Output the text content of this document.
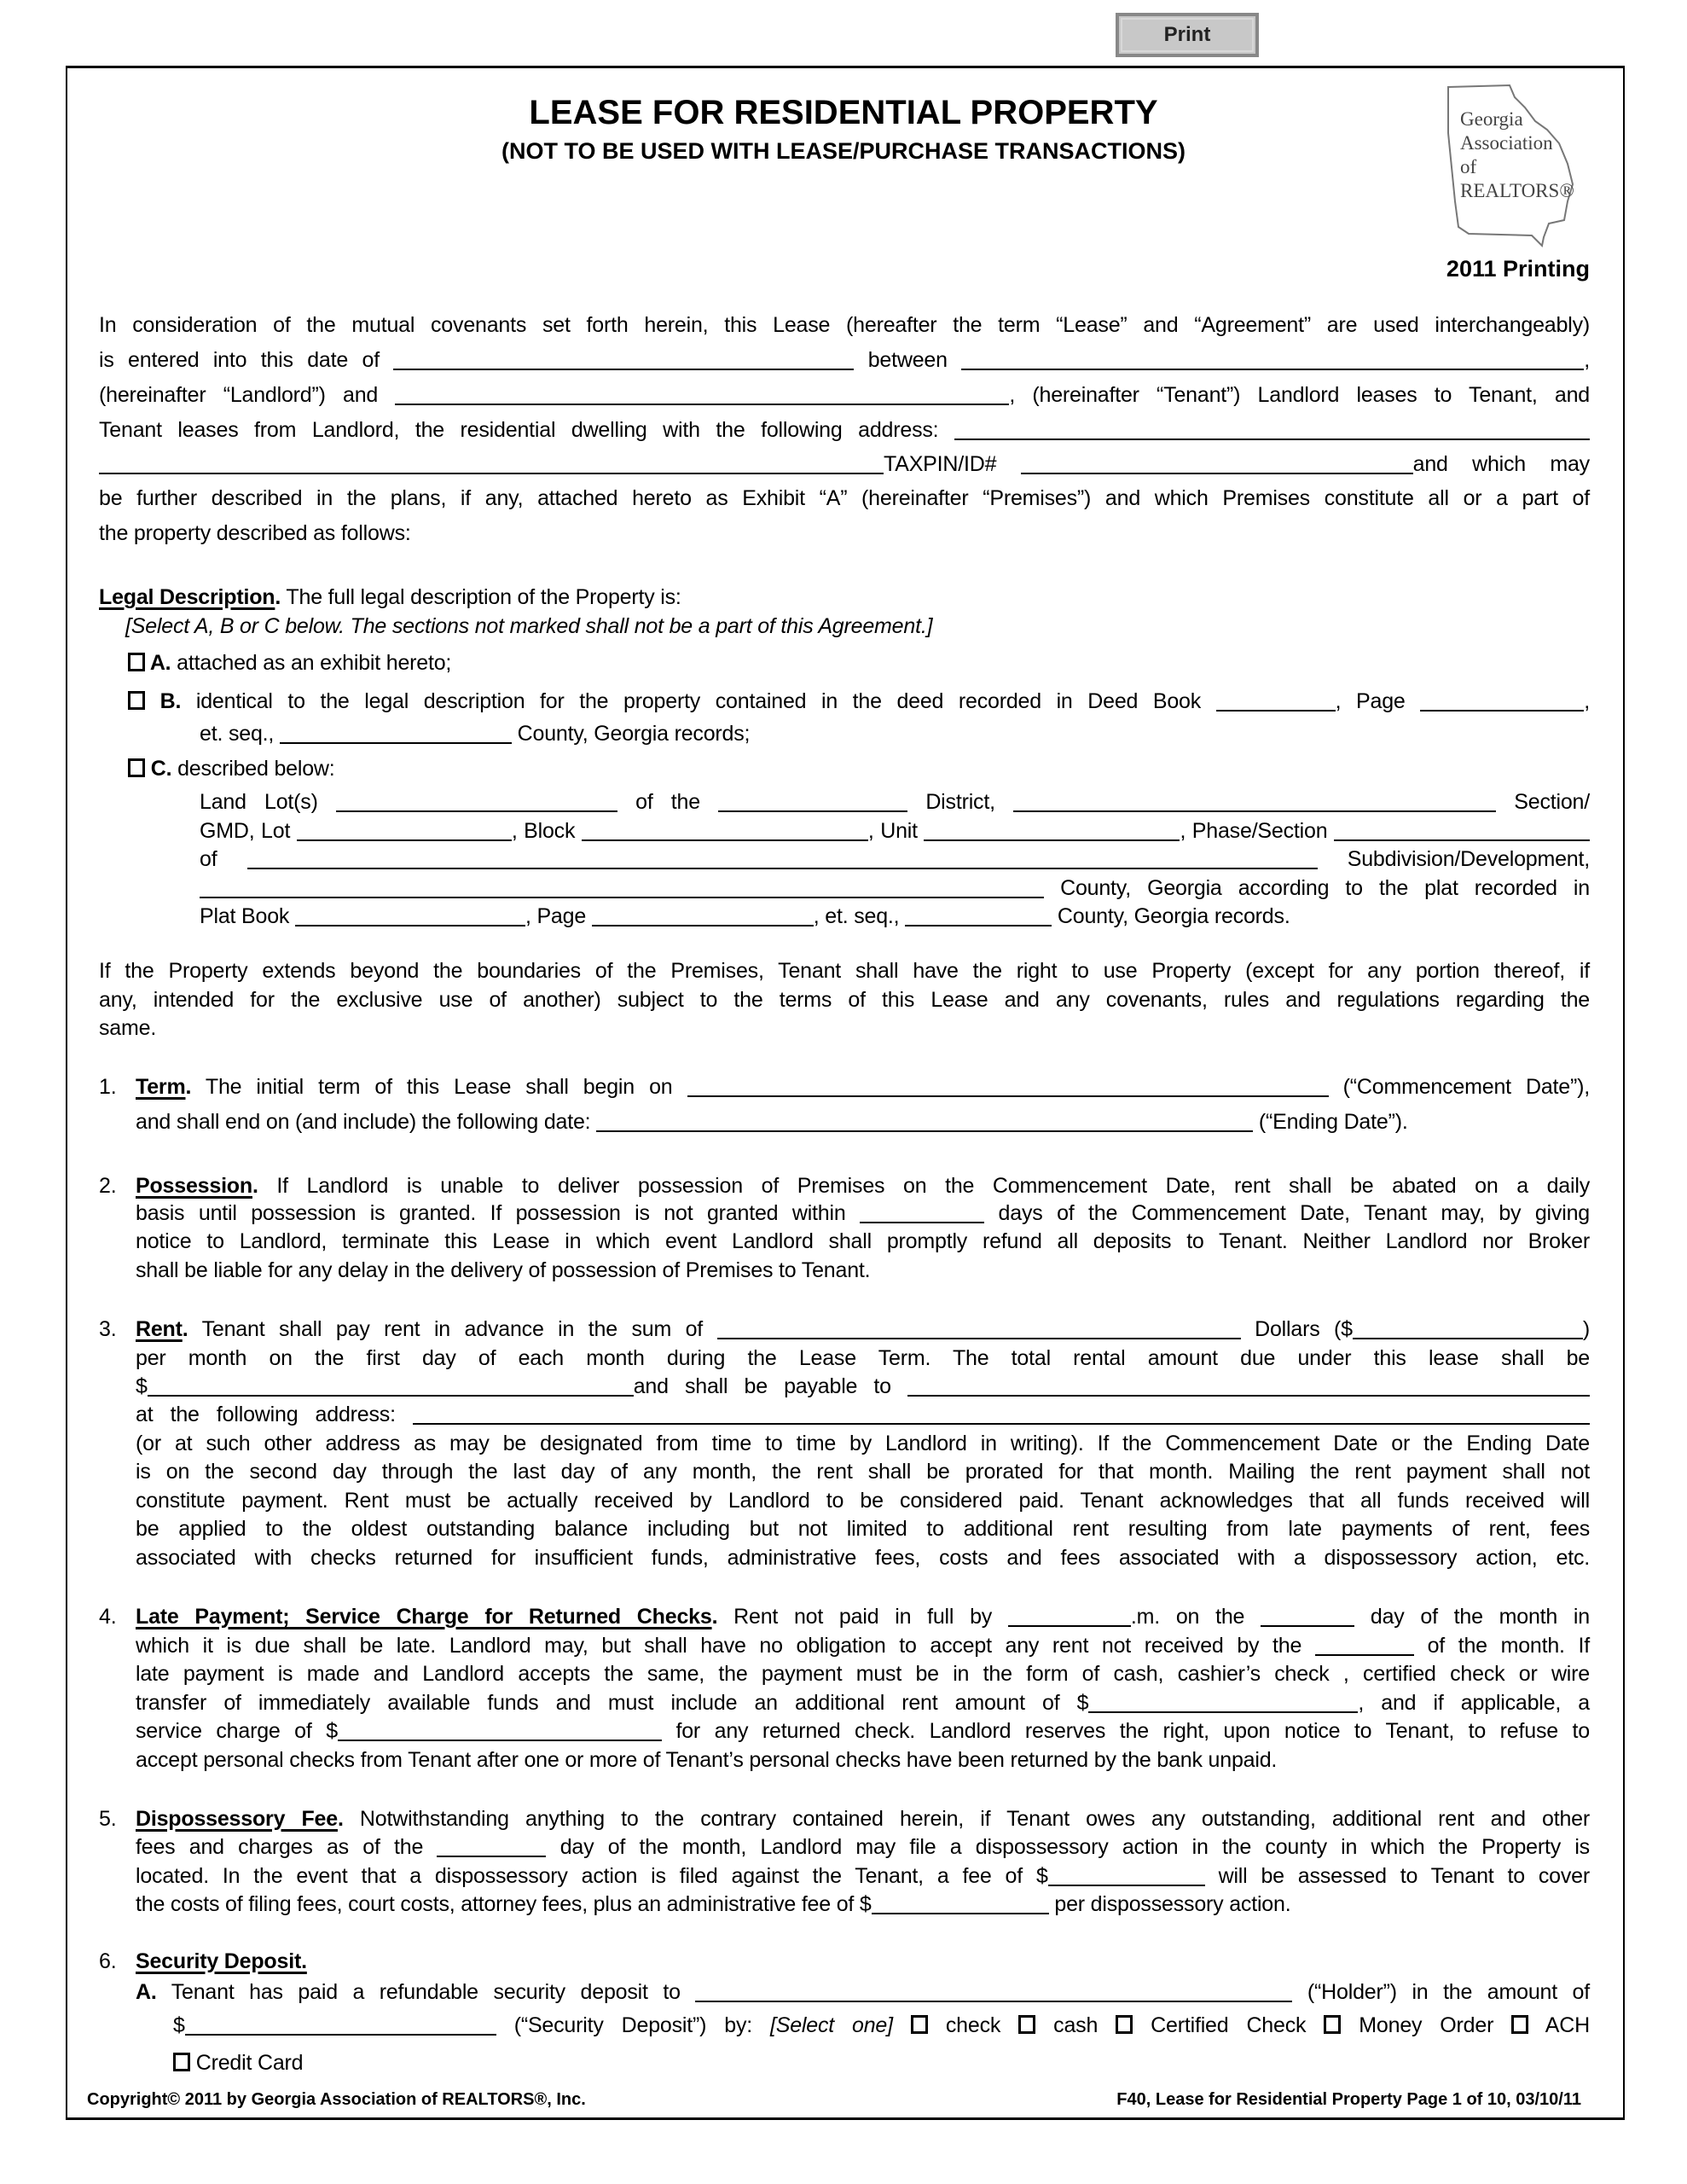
Print
LEASE FOR RESIDENTIAL PROPERTY
(NOT TO BE USED WITH LEASE/PURCHASE TRANSACTIONS)
Georgia
Association
of REALTORS®
2011 Printing
In consideration of the mutual covenants set forth herein, this Lease (hereafter the term “Lease” and “Agreement” are used interchangeably)
is entered into this date of	between	,
(hereinafter “Landlord”) and	, (hereinafter “Tenant”) Landlord leases to Tenant, and
Tenant leases from Landlord, the residential dwelling with the following address:
TAXPIN/ID#	and which may
be further described in the plans, if any, attached hereto as Exhibit “A” (hereinafter “Premises”) and which Premises constitute all or a part of
the property described as follows:
Legal Description. The full legal description of the Property is:
[Select A, B or C below. The sections not marked shall not be a part of this Agreement.]
A. attached as an exhibit hereto;
B. identical to the legal description for the property contained in the deed recorded in Deed Book	, Page	,
et. seq.,	County, Georgia records;
C. described below:
Land Lot(s)	of the	District,	Section/
GMD, Lot	, Block	, Unit	, Phase/Section
of	Subdivision/Development,
County, Georgia according to the plat recorded in
Plat Book	, Page	, et. seq.,	County, Georgia records.
If the Property extends beyond the boundaries of the Premises, Tenant shall have the right to use Property (except for any portion thereof, if
any, intended for the exclusive use of another) subject to the terms of this Lease and any covenants, rules and regulations regarding the
same.
1. Term. The initial term of this Lease shall begin on	(“Commencement Date”),
and shall end on (and include) the following date:	(“Ending Date”).
2. Possession. If Landlord is unable to deliver possession of Premises on the Commencement Date, rent shall be abated on a daily
basis until possession is granted. If possession is not granted within	days of the Commencement Date, Tenant may, by giving
notice to Landlord, terminate this Lease in which event Landlord shall promptly refund all deposits to Tenant. Neither Landlord nor Broker
shall be liable for any delay in the delivery of possession of Premises to Tenant.
3. Rent. Tenant shall pay rent in advance in the sum of	Dollars ($	)
per month on the first day of each month during the Lease Term. The total rental amount due under this lease shall be
$	and shall be payable to
at the following address:
(or at such other address as may be designated from time to time by Landlord in writing). If the Commencement Date or the Ending Date
is on the second day through the last day of any month, the rent shall be prorated for that month. Mailing the rent payment shall not
constitute payment. Rent must be actually received by Landlord to be considered paid. Tenant acknowledges that all funds received will
be applied to the oldest outstanding balance including but not limited to additional rent resulting from late payments of rent, fees
associated with checks returned for insufficient funds, administrative fees, costs and fees associated with a dispossessory action, etc.
4. Late Payment; Service Charge for Returned Checks. Rent not paid in full by	.m. on the	day of the month in
which it is due shall be late. Landlord may, but shall have no obligation to accept any rent not received by the	of the month. If
late payment is made and Landlord accepts the same, the payment must be in the form of cash, cashier’s check , certified check or wire
transfer of immediately available funds and must include an additional rent amount of $	, and if applicable, a
service charge of $	for any returned check. Landlord reserves the right, upon notice to Tenant, to refuse to
accept personal checks from Tenant after one or more of Tenant’s personal checks have been returned by the bank unpaid.
5. Dispossessory Fee. Notwithstanding anything to the contrary contained herein, if Tenant owes any outstanding, additional rent and other
fees and charges as of the	day of the month, Landlord may file a dispossessory action in the county in which the Property is
located. In the event that a dispossessory action is filed against the Tenant, a fee of $	will be assessed to Tenant to cover
the costs of filing fees, court costs, attorney fees, plus an administrative fee of $	per dispossessory action.
6. Security Deposit.
A. Tenant has paid a refundable security deposit to	(“Holder”) in the amount of
$	(“Security Deposit”) by: [Select one]  check  cash  Certified Check  Money Order  ACH
Credit Card
Copyright© 2011 by Georgia Association of REALTORS®, Inc.	F40, Lease for Residential Property Page 1 of 10, 03/10/11
